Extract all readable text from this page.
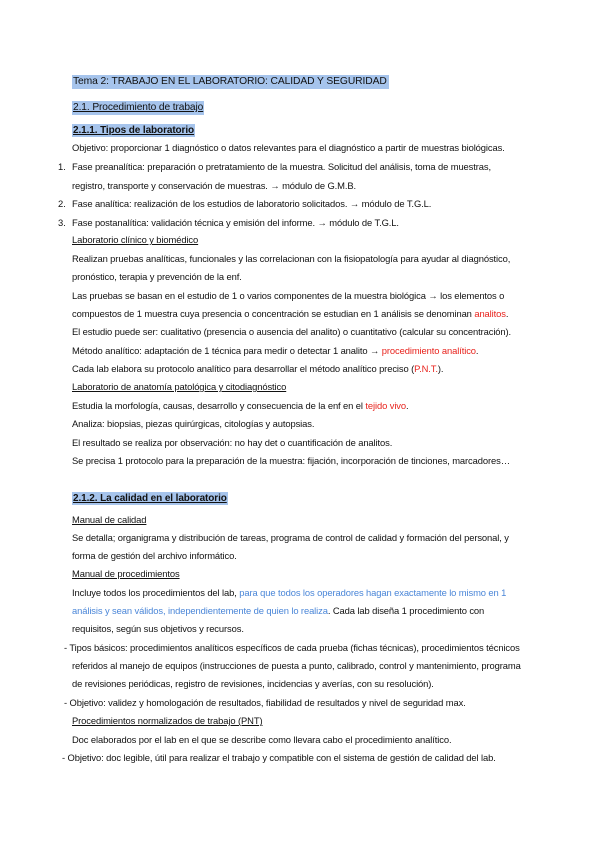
Tema 2: TRABAJO EN EL LABORATORIO: CALIDAD Y SEGURIDAD
2.1. Procedimiento de trabajo
2.1.1. Tipos de laboratorio
Objetivo: proporcionar 1 diagnóstico o datos relevantes para el diagnóstico a partir de muestras biológicas.
1. Fase preanalítica: preparación o pretratamiento de la muestra. Solicitud del análisis, toma de muestras,
registro, transporte y conservación de muestras. → módulo de G.M.B.
2. Fase analítica: realización de los estudios de laboratorio solicitados. → módulo de T.G.L.
3. Fase postanalítica: validación técnica y emisión del informe. → módulo de T.G.L.
Laboratorio clínico y biomédico
Realizan pruebas analíticas, funcionales y las correlacionan con la fisiopatología para ayudar al diagnóstico,
pronóstico, terapia y prevención de la enf.
Las pruebas se basan en el estudio de 1 o varios componentes de la muestra biológica → los elementos o
compuestos de 1 muestra cuya presencia o concentración se estudian en 1 análisis se denominan analitos.
El estudio puede ser: cualitativo (presencia o ausencia del analito) o cuantitativo (calcular su concentración).
Método analítico: adaptación de 1 técnica para medir o detectar 1 analito → procedimiento analítico.
Cada lab elabora su protocolo analítico para desarrollar el método analítico preciso (P.N.T.).
Laboratorio de anatomía patológica y citodiagnóstico
Estudia la morfología, causas, desarrollo y consecuencia de la enf en el tejido vivo.
Analiza: biopsias, piezas quirúrgicas, citologías y autopsias.
El resultado se realiza por observación: no hay det o cuantificación de analitos.
Se precisa 1 protocolo para la preparación de la muestra: fijación, incorporación de tinciones, marcadores…
2.1.2. La calidad en el laboratorio
Manual de calidad
Se detalla; organigrama y distribución de tareas, programa de control de calidad y formación del personal, y
forma de gestión del archivo informático.
Manual de procedimientos
Incluye todos los procedimientos del lab, para que todos los operadores hagan exactamente lo mismo en 1
análisis y sean válidos, independientemente de quien lo realiza. Cada lab diseña 1 procedimiento con
requisitos, según sus objetivos y recursos.
- Tipos básicos: procedimientos analíticos específicos de cada prueba (fichas técnicas), procedimientos técnicos
referidos al manejo de equipos (instrucciones de puesta a punto, calibrado, control y mantenimiento, programa
de revisiones periódicas, registro de revisiones, incidencias y averías, con su resolución).
- Objetivo: validez y homologación de resultados, fiabilidad de resultados y nivel de seguridad max.
Procedimientos normalizados de trabajo (PNT)
Doc elaborados por el lab en el que se describe como llevara cabo el procedimiento analítico.
- Objetivo: doc legible, útil para realizar el trabajo y compatible con el sistema de gestión de calidad del lab.
